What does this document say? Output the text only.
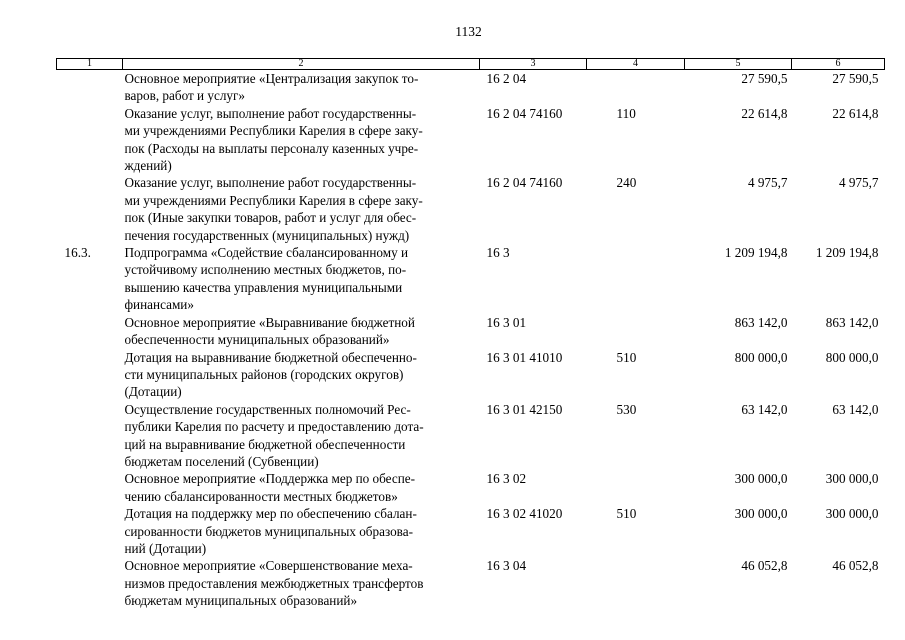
1132
1	2	3	4	5	6

	Основное мероприятие «Централизация закупок то-
варов, работ и услуг»	16 2 04		27 590,5	27 590,5

	Оказание услуг, выполнение работ государственны-
ми учреждениями Республики Карелия в сфере заку-
пок (Расходы на выплаты персоналу казенных учре-
ждений)	16 2 04 74160	110	22 614,8	22 614,8

	Оказание услуг, выполнение работ государственны-
ми учреждениями Республики Карелия в сфере заку-
пок (Иные закупки товаров, работ и услуг для обес-
печения государственных (муниципальных) нужд)	16 2 04 74160	240	4 975,7	4 975,7
16.3.	Подпрограмма «Содействие сбалансированному и
устойчивому исполнению местных бюджетов, по-
вышению качества управления муниципальными
финансами»	16 3		1 209 194,8	1 209 194,8

	Основное мероприятие «Выравнивание бюджетной
обеспеченности муниципальных образований»	16 3 01		863 142,0	863 142,0

	Дотация на выравнивание бюджетной обеспеченно-
сти муниципальных районов (городских округов)
(Дотации)	16 3 01 41010	510	800 000,0	800 000,0

	Осуществление государственных полномочий Рес-
публики Карелия по расчету и предоставлению дота-
ций на выравнивание бюджетной обеспеченности
бюджетам поселений (Субвенции)	16 3 01 42150	530	63 142,0	63 142,0

	Основное мероприятие «Поддержка мер по обеспе-
чению сбалансированности местных бюджетов»	16 3 02		300 000,0	300 000,0

	Дотация на поддержку мер по обеспечению сбалан-
сированности бюджетов муниципальных образова-
ний (Дотации)	16 3 02 41020	510	300 000,0	300 000,0

	Основное мероприятие «Совершенствование меха-
низмов предоставления межбюджетных трансфертов
бюджетам муниципальных образований»	16 3 04		46 052,8	46 052,8
